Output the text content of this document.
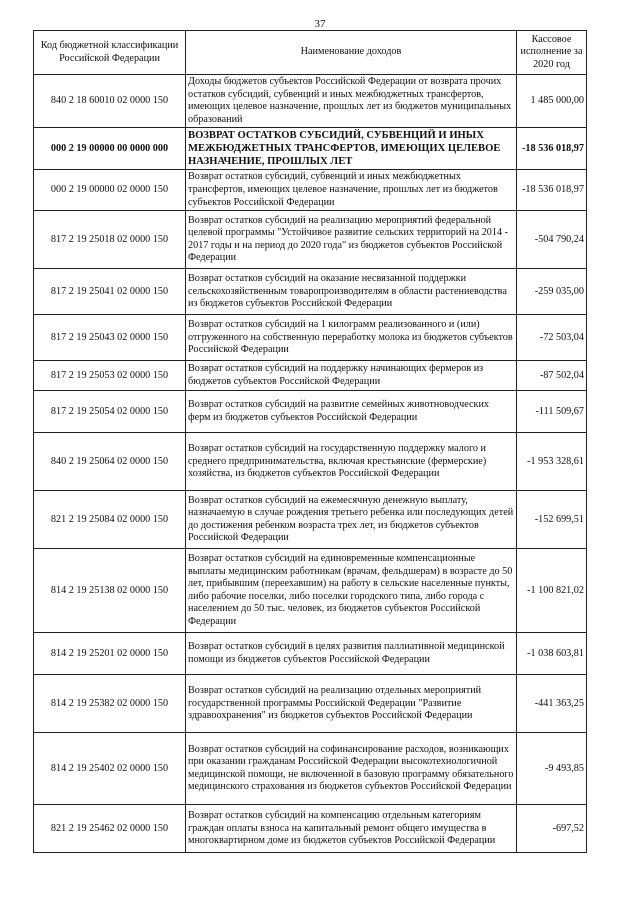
37
Код бюджетной классификации Российской Федерации	Наименование доходов	Кассовое исполнение за 2020 год
840 2 18 60010 02 0000 150	Доходы бюджетов субъектов Российской Федерации от возврата прочих остатков субсидий, субвенций и иных межбюджетных трансфертов, имеющих целевое назначение, прошлых лет из бюджетов муниципальных образований	1 485 000,00
000 2 19 00000 00 0000 000	ВОЗВРАТ ОСТАТКОВ СУБСИДИЙ, СУБВЕНЦИЙ И ИНЫХ МЕЖБЮДЖЕТНЫХ ТРАНСФЕРТОВ, ИМЕЮЩИХ ЦЕЛЕВОЕ НАЗНАЧЕНИЕ, ПРОШЛЫХ ЛЕТ	-18 536 018,97
000 2 19 00000 02 0000 150	Возврат остатков субсидий, субвенций и иных межбюджетных трансфертов, имеющих целевое назначение, прошлых лет из бюджетов субъектов Российской Федерации	-18 536 018,97
817 2 19 25018 02 0000 150	Возврат остатков субсидий на реализацию мероприятий федеральной целевой программы "Устойчивое развитие сельских территорий на 2014 - 2017 годы и на период до 2020 года" из бюджетов субъектов Российской Федерации	-504 790,24
817 2 19 25041 02 0000 150	Возврат остатков субсидий на оказание несвязанной поддержки сельскохозяйственным товаропроизводителям в области растениеводства из бюджетов субъектов Российской Федерации	-259 035,00
817 2 19 25043 02 0000 150	Возврат остатков субсидий на 1 килограмм реализованного и (или) отгруженного на собственную переработку молока из бюджетов субъектов Российской Федерации	-72 503,04
817 2 19 25053 02 0000 150	Возврат остатков субсидий на поддержку начинающих фермеров из бюджетов субъектов Российской Федерации	-87 502,04
817 2 19 25054 02 0000 150	Возврат остатков субсидий на развитие семейных животноводческих ферм из бюджетов субъектов Российской Федерации	-111 509,67
840 2 19 25064 02 0000 150	Возврат остатков субсидий на государственную поддержку малого и среднего предпринимательства, включая крестьянские (фермерские) хозяйства, из бюджетов субъектов Российской Федерации	-1 953 328,61
821 2 19 25084 02 0000 150	Возврат остатков субсидий на ежемесячную денежную выплату, назначаемую в случае рождения третьего ребенка или последующих детей до достижения ребенком возраста трех лет, из бюджетов субъектов Российской Федерации	-152 699,51
814 2 19 25138 02 0000 150	Возврат остатков субсидий на единовременные компенсационные выплаты медицинским работникам (врачам, фельдшерам) в возрасте до 50 лет, прибывшим (переехавшим) на работу в сельские населенные пункты, либо рабочие поселки, либо поселки городского типа, либо города с населением до 50 тыс. человек, из бюджетов субъектов Российской Федерации	-1 100 821,02
814 2 19 25201 02 0000 150	Возврат остатков субсидий в целях развития паллиативной медицинской помощи из бюджетов субъектов Российской Федерации	-1 038 603,81
814 2 19 25382 02 0000 150	Возврат остатков субсидий на реализацию отдельных мероприятий государственной программы Российской Федерации "Развитие здравоохранения" из бюджетов субъектов Российской Федерации	-441 363,25
814 2 19 25402 02 0000 150	Возврат остатков субсидий на софинансирование расходов, возникающих при оказании гражданам Российской Федерации высокотехнологичной медицинской помощи, не включенной в базовую программу обязательного медицинского страхования из бюджетов субъектов Российской Федерации	-9 493,85
821 2 19 25462 02 0000 150	Возврат остатков субсидий на компенсацию отдельным категориям граждан оплаты взноса на капитальный ремонт общего имущества в многоквартирном доме из бюджетов субъектов Российской Федерации	-697,52
